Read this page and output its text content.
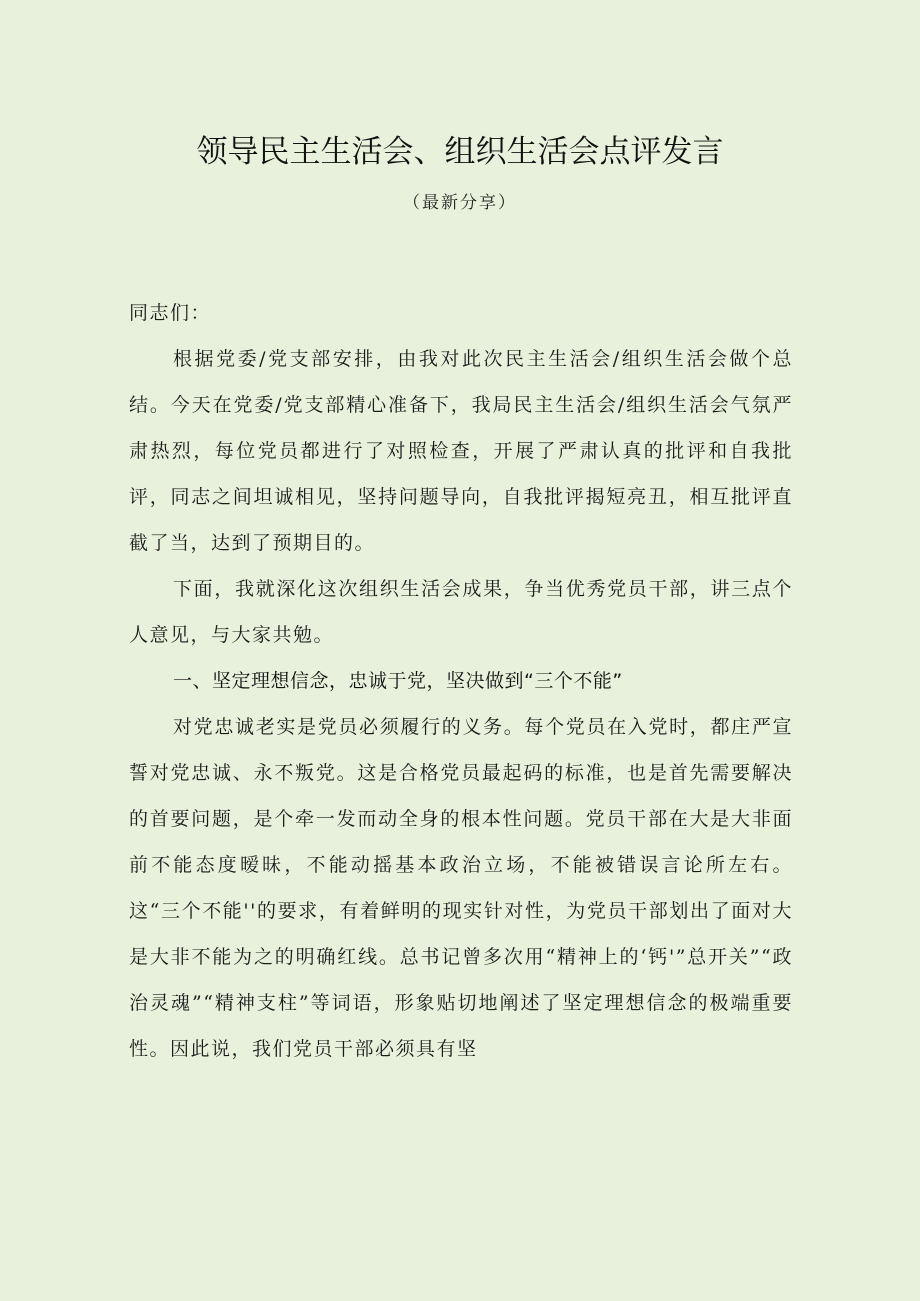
领导民主生活会、组织生活会点评发言
（最新分享）

同志们：

根据党委/党支部安排，由我对此次民主生活会/组织生活会做个总结。今天在党委/党支部精心准备下，我局民主生活会/组织生活会气氛严肃热烈，每位党员都进行了对照检查，开展了严肃认真的批评和自我批评，同志之间坦诚相见，坚持问题导向，自我批评揭短亮丑，相互批评直截了当，达到了预期目的。

下面，我就深化这次组织生活会成果，争当优秀党员干部，讲三点个人意见，与大家共勉。

一、坚定理想信念，忠诚于党，坚决做到“三个不能”

对党忠诚老实是党员必须履行的义务。每个党员在入党时，都庄严宣誓对党忠诚、永不叛党。这是合格党员最起码的标准，也是首先需要解决的首要问题，是个牵一发而动全身的根本性问题。党员干部在大是大非面前不能态度暧昧，不能动摇基本政治立场，不能被错误言论所左右。这“三个不能''的要求，有着鲜明的现实针对性，为党员干部划出了面对大是大非不能为之的明确红线。总书记曾多次用“精神上的‘钙'”总开关”“政治灵魂”“精神支柱”等词语，形象贴切地阐述了坚定理想信念的极端重要性。因此说，我们党员干部必须具有坚
